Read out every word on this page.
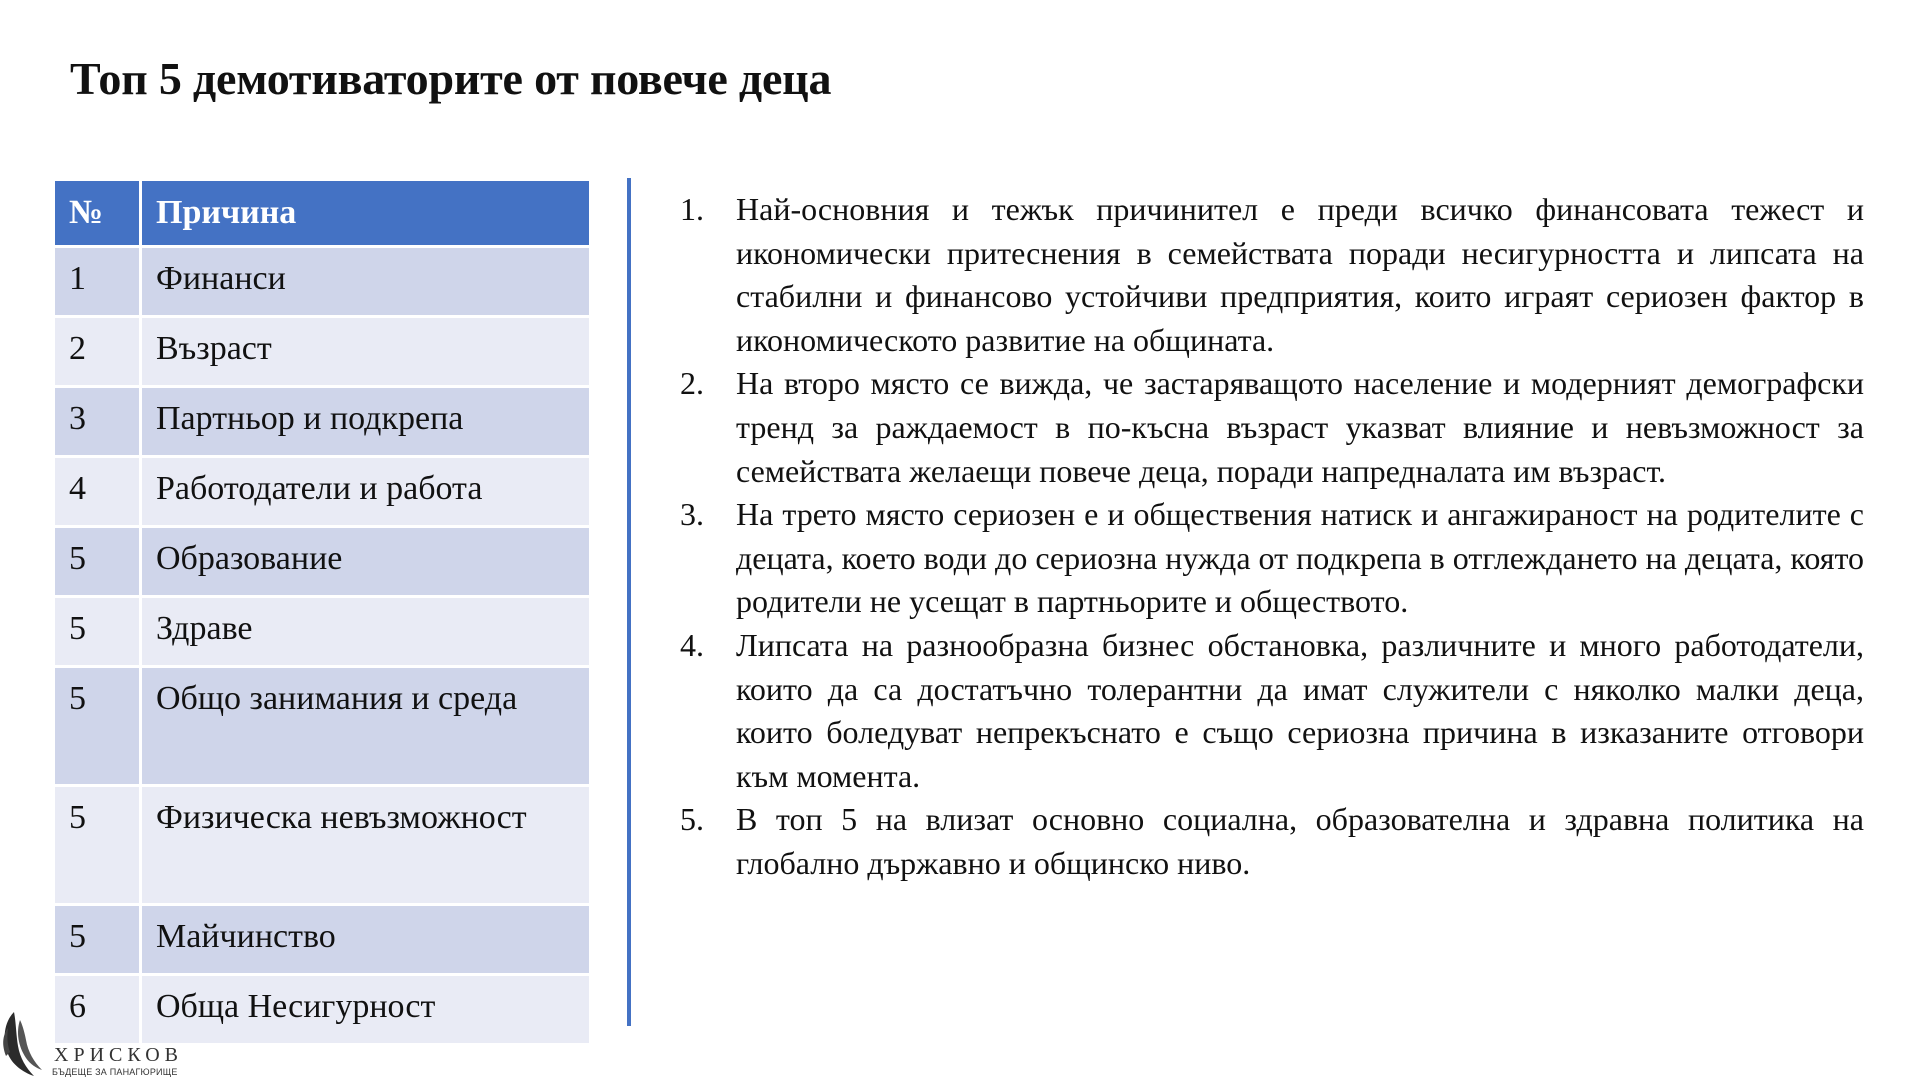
Топ 5 демотиваторите от повече деца
№	Причина
1	Финанси
2	Възраст
3	Партньор и подкрепа
4	Работодатели и работа
5	Образование
5	Здраве
5	Общо занимания и среда
5	Физическа невъзможност
5	Майчинство
6	Обща Несигурност
1. Най-основния и тежък причинител е преди всичко финансовата тежест и икономически притеснения в семействата поради несигурността и липсата на стабилни и финансово устойчиви предприятия, които играят сериозен фактор в икономическото развитие на общината.
2. На второ място се вижда, че застаряващото население и модерният демографски тренд за раждаемост в по-късна възраст указват влияние и невъзможност за семействата желаещи повече деца, поради напредналата им възраст.
3. На трето място сериозен е и обществения натиск и ангажираност на родителите с децата, което води до сериозна нужда от подкрепа в отглеждането на децата, която родители не усещат в партньорите и обществото.
4. Липсата на разнообразна бизнес обстановка, различните и много работодатели, които да са достатъчно толерантни да имат служители с няколко малки деца, които боледуват непрекъснато е също сериозна причина в изказаните отговори към момента.
5. В топ 5 на влизат основно социална, образователна и здравна политика на глобално държавно и общинско ниво.
ХРИСКОВ
БЪДЕЩЕ ЗА ПАНАГЮРИЩЕ
